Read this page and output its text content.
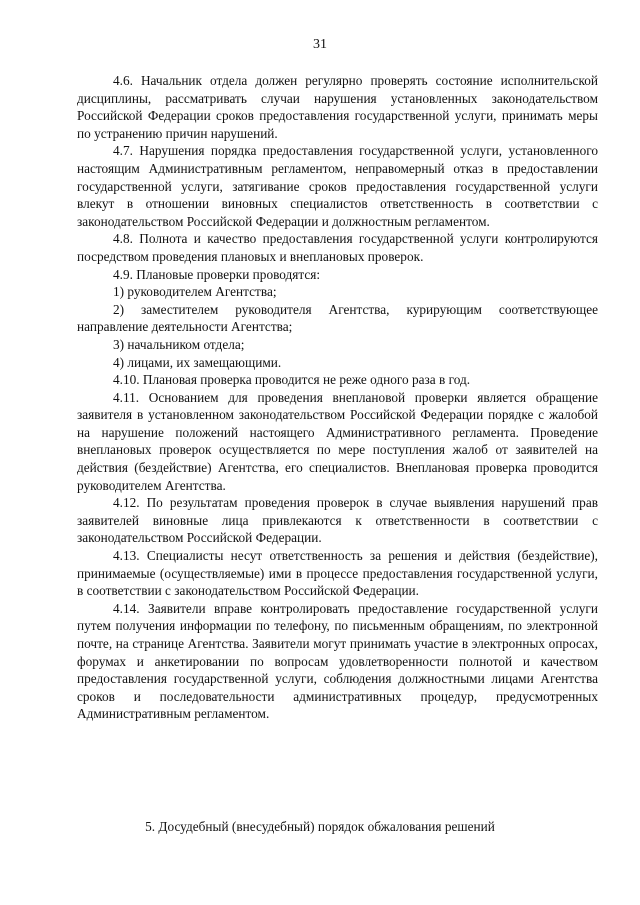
31

4.6. Начальник отдела должен регулярно проверять состояние исполнительской дисциплины, рассматривать случаи нарушения установленных законодательством Российской Федерации сроков предоставления государственной услуги, принимать меры по устранению причин нарушений.

4.7. Нарушения порядка предоставления государственной услуги, установленного настоящим Административным регламентом, неправомерный отказ в предоставлении государственной услуги, затягивание сроков предоставления государственной услуги влекут в отношении виновных специалистов ответственность в соответствии с законодательством Российской Федерации и должностным регламентом.

4.8. Полнота и качество предоставления государственной услуги контролируются посредством проведения плановых и внеплановых проверок.

4.9. Плановые проверки проводятся:

1) руководителем Агентства;

2) заместителем руководителя Агентства, курирующим соответствующее направление деятельности Агентства;

3) начальником отдела;

4) лицами, их замещающими.

4.10. Плановая проверка проводится не реже одного раза в год.

4.11. Основанием для проведения внеплановой проверки является обращение заявителя в установленном законодательством Российской Федерации порядке с жалобой на нарушение положений настоящего Административного регламента. Проведение внеплановых проверок осуществляется по мере поступления жалоб от заявителей на действия (бездействие) Агентства, его специалистов. Внеплановая проверка проводится руководителем Агентства.

4.12. По результатам проведения проверок в случае выявления нарушений прав заявителей виновные лица привлекаются к ответственности в соответствии с законодательством Российской Федерации.

4.13. Специалисты несут ответственность за решения и действия (бездействие), принимаемые (осуществляемые) ими в процессе предоставления государственной услуги, в соответствии с законодательством Российской Федерации.

4.14. Заявители вправе контролировать предоставление государственной услуги путем получения информации по телефону, по письменным обращениям, по электронной почте, на странице Агентства. Заявители могут принимать участие в электронных опросах, форумах и анкетировании по вопросам удовлетворенности полнотой и качеством предоставления государственной услуги, соблюдения должностными лицами Агентства сроков и последовательности административных процедур, предусмотренных Административным регламентом.

5. Досудебный (внесудебный) порядок обжалования решений
